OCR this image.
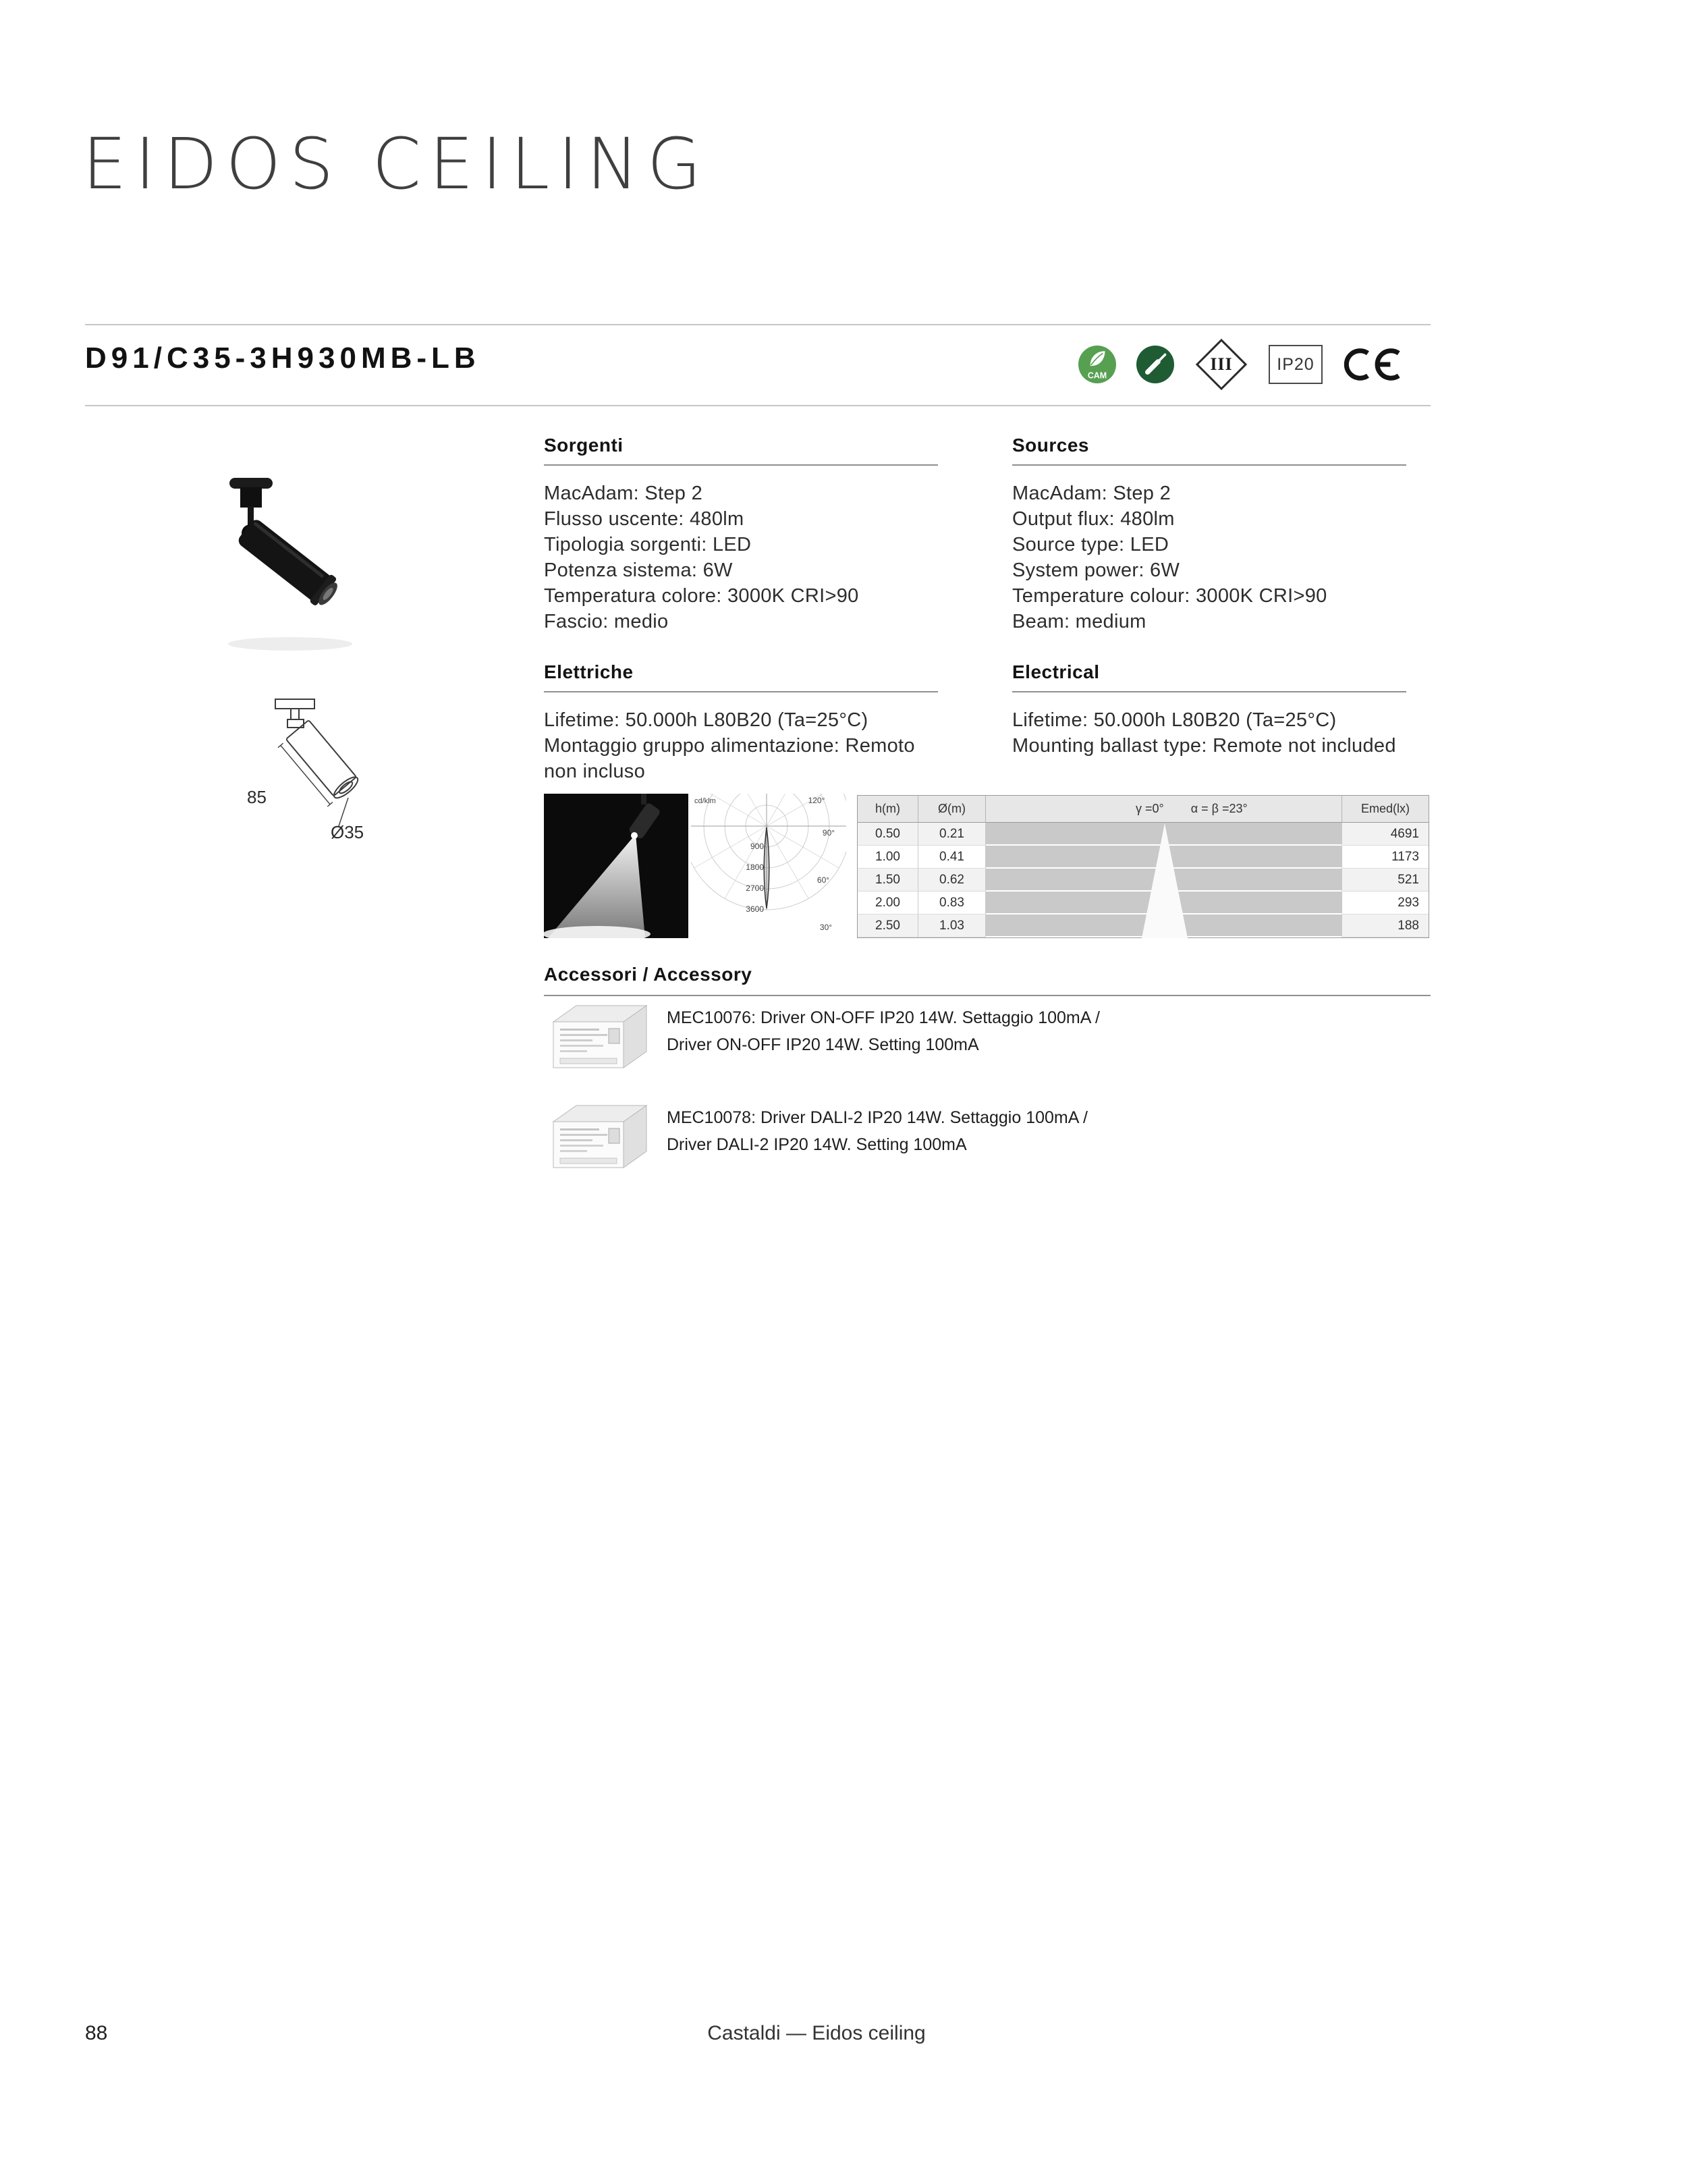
EIDOS CEILING
D91/C35-3H930MB-LB
CAM
III	IP20
85
Ø35
Sorgenti
MacAdam: Step 2
Flusso uscente: 480lm
Tipologia sorgenti: LED
Potenza sistema: 6W
Temperatura colore: 3000K CRI>90
Fascio: medio
Sources
MacAdam: Step 2
Output flux: 480lm
Source type: LED
System power: 6W
Temperature colour: 3000K CRI>90
Beam: medium
Elettriche
Lifetime: 50.000h L80B20 (Ta=25°C)
Montaggio gruppo alimentazione: Remoto non incluso
Electrical
Lifetime: 50.000h L80B20 (Ta=25°C)
Mounting ballast type: Remote not included
cd/klm
900
1800
2700
3600
120°
90°
60°
30°
h(m)	Ø(m)	γ =0° α = β =23°	Emed(lx)
0.50	0.21	4691
1.00	0.41	1173
1.50	0.62	521
2.00	0.83	293
2.50	1.03	188
Accessori / Accessory
MEC10076: Driver ON-OFF IP20 14W. Settaggio 100mA /
Driver ON-OFF IP20 14W. Setting 100mA
MEC10078: Driver DALI-2 IP20 14W. Settaggio 100mA /
Driver DALI-2 IP20 14W. Setting 100mA
88	Castaldi — Eidos ceiling
